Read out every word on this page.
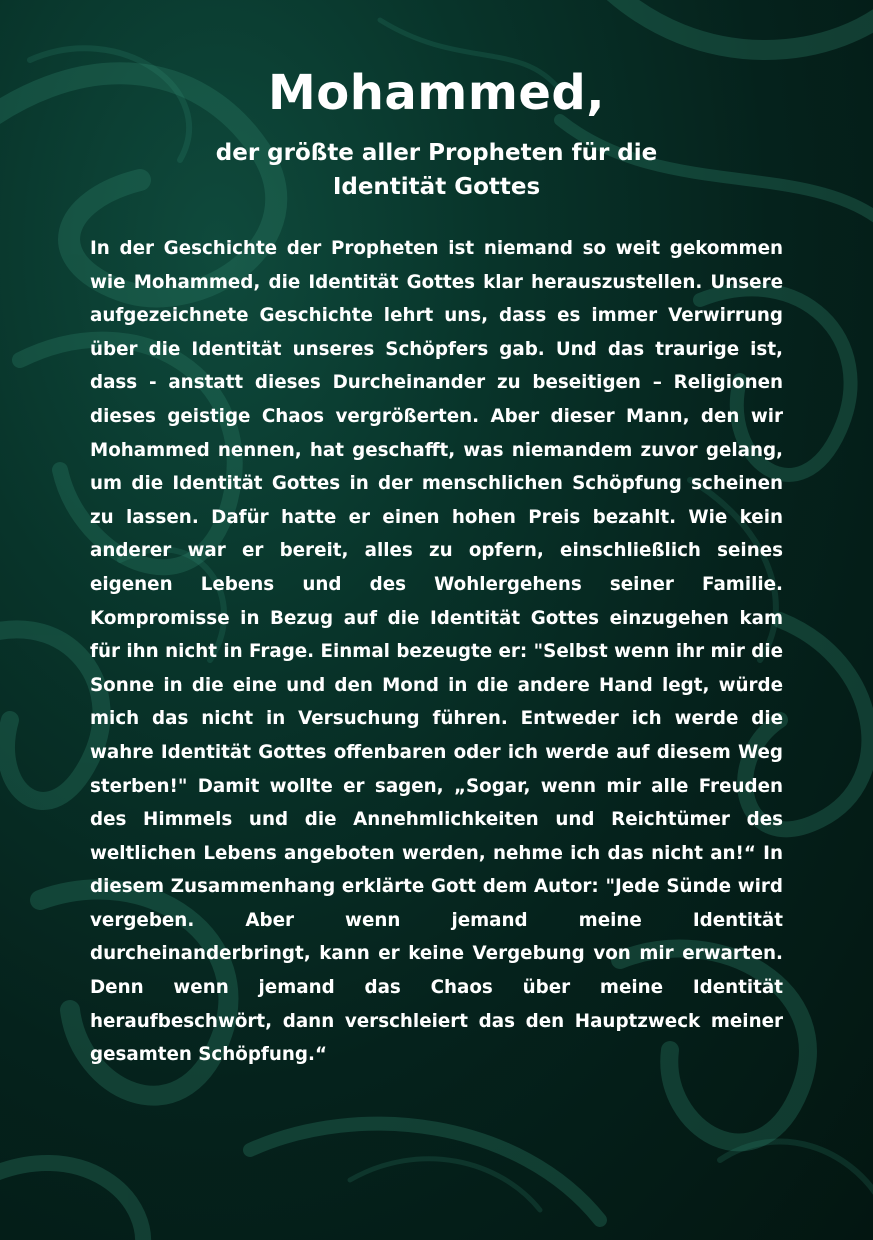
Mohammed,
der größte aller Propheten für die Identität Gottes

In der Geschichte der Propheten ist niemand so weit gekommen wie Mohammed, die Identität Gottes klar herauszustellen. Unsere aufgezeichnete Geschichte lehrt uns, dass es immer Verwirrung über die Identität unseres Schöpfers gab. Und das traurige ist, dass - anstatt dieses Durcheinander zu beseitigen – Religionen dieses geistige Chaos vergrößerten. Aber dieser Mann, den wir Mohammed nennen, hat geschafft, was niemandem zuvor gelang, um die Identität Gottes in der menschlichen Schöpfung scheinen zu lassen. Dafür hatte er einen hohen Preis bezahlt. Wie kein anderer war er bereit, alles zu opfern, einschließlich seines eigenen Lebens und des Wohlergehens seiner Familie. Kompromisse in Bezug auf die Identität Gottes einzugehen kam für ihn nicht in Frage. Einmal bezeugte er: "Selbst wenn ihr mir die Sonne in die eine und den Mond in die andere Hand legt, würde mich das nicht in Versuchung führen. Entweder ich werde die wahre Identität Gottes offenbaren oder ich werde auf diesem Weg sterben!" Damit wollte er sagen, „Sogar, wenn mir alle Freuden des Himmels und die Annehmlichkeiten und Reichtümer des weltlichen Lebens angeboten werden, nehme ich das nicht an!“ In diesem Zusammenhang erklärte Gott dem Autor: "Jede Sünde wird vergeben. Aber wenn jemand meine Identität durcheinanderbringt, kann er keine Vergebung von mir erwarten. Denn wenn jemand das Chaos über meine Identität heraufbeschwört, dann verschleiert das den Hauptzweck meiner gesamten Schöpfung.“
